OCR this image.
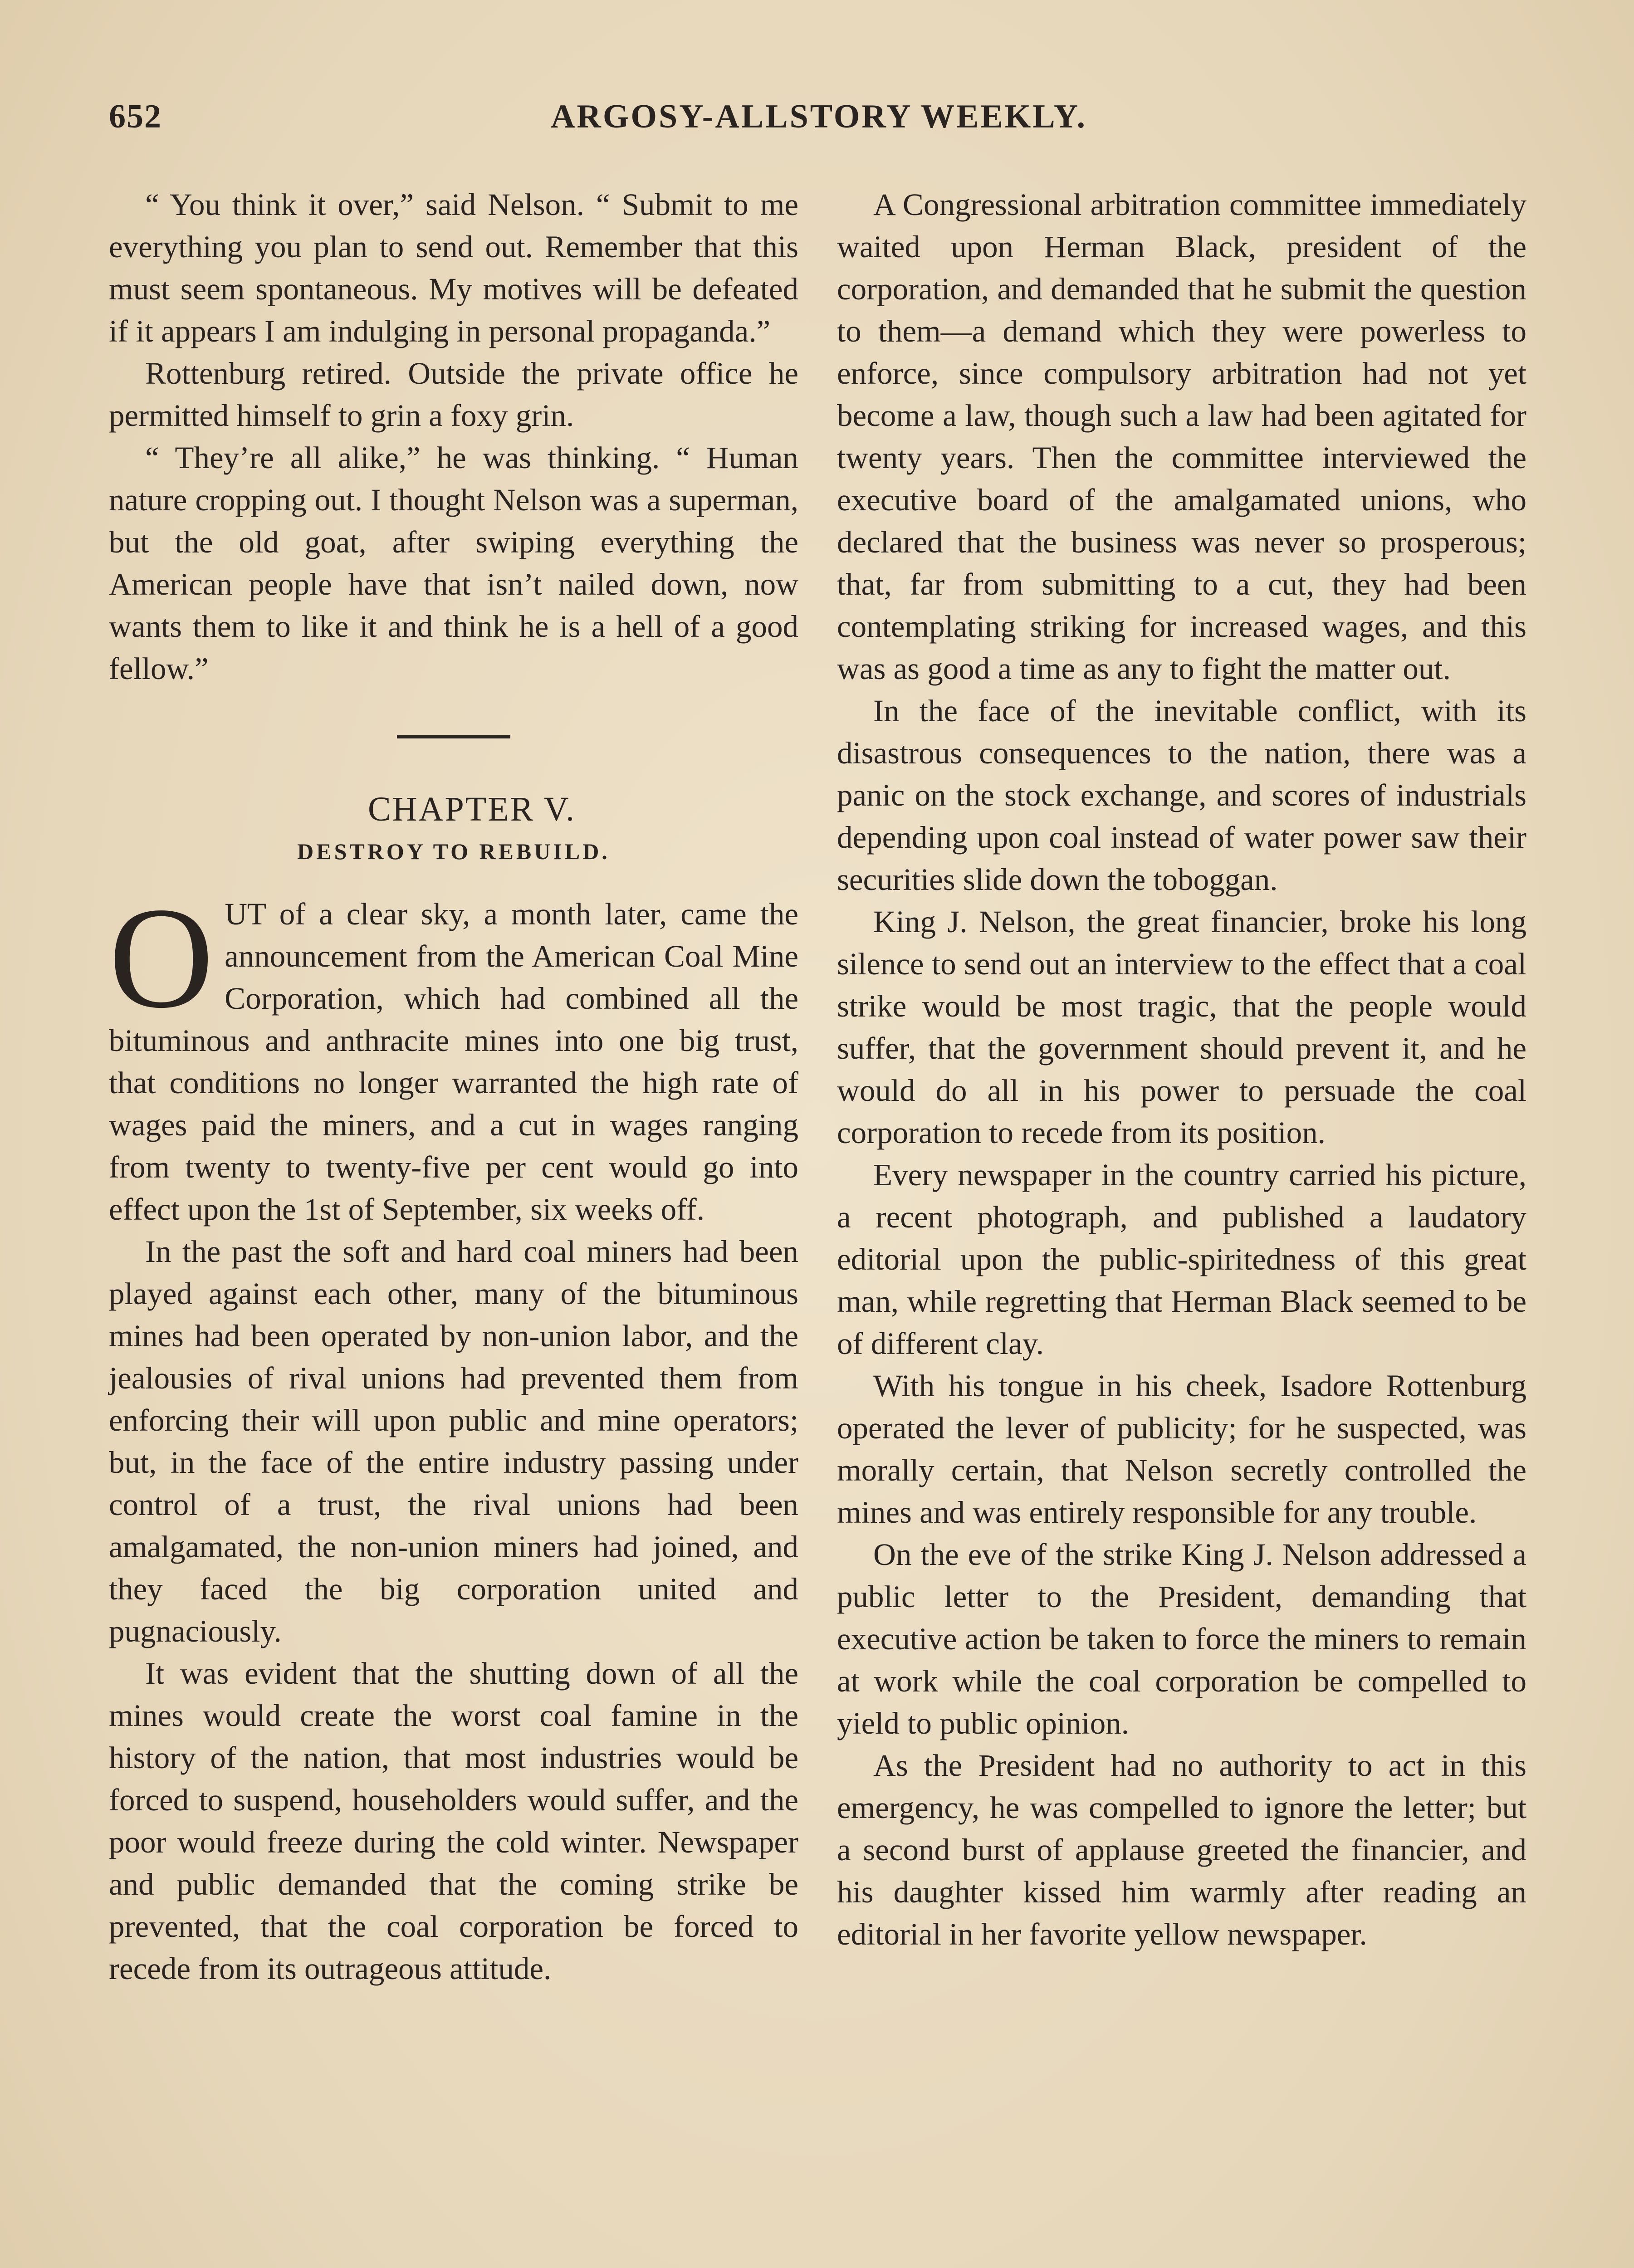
652	ARGOSY-ALLSTORY WEEKLY.

“ You think it over,” said Nelson. “ Submit to me everything you plan to send out. Remember that this must seem spontaneous. My motives will be defeated if it appears I am indulging in personal propaganda.”

Rottenburg retired. Outside the private office he permitted himself to grin a foxy grin.

“ They’re all alike,” he was thinking. “ Human nature cropping out. I thought Nelson was a superman, but the old goat, after swiping everything the American people have that isn’t nailed down, now wants them to like it and think he is a hell of a good fellow.”

CHAPTER V.

DESTROY TO REBUILD.

OUT of a clear sky, a month later, came the announcement from the American Coal Mine Corporation, which had combined all the bituminous and anthracite mines into one big trust, that conditions no longer warranted the high rate of wages paid the miners, and a cut in wages ranging from twenty to twenty-five per cent would go into effect upon the 1st of September, six weeks off.

In the past the soft and hard coal miners had been played against each other, many of the bituminous mines had been operated by non-union labor, and the jealousies of rival unions had prevented them from enforcing their will upon public and mine operators; but, in the face of the entire industry passing under control of a trust, the rival unions had been amalgamated, the non-union miners had joined, and they faced the big corporation united and pugnaciously.

It was evident that the shutting down of all the mines would create the worst coal famine in the history of the nation, that most industries would be forced to suspend, householders would suffer, and the poor would freeze during the cold winter. Newspaper and public demanded that the coming strike be prevented, that the coal corporation be forced to recede from its outrageous attitude.

A Congressional arbitration committee immediately waited upon Herman Black, president of the corporation, and demanded that he submit the question to them—a demand which they were powerless to enforce, since compulsory arbitration had not yet become a law, though such a law had been agitated for twenty years. Then the committee interviewed the executive board of the amalgamated unions, who declared that the business was never so prosperous; that, far from submitting to a cut, they had been contemplating striking for increased wages, and this was as good a time as any to fight the matter out.

In the face of the inevitable conflict, with its disastrous consequences to the nation, there was a panic on the stock exchange, and scores of industrials depending upon coal instead of water power saw their securities slide down the toboggan.

King J. Nelson, the great financier, broke his long silence to send out an interview to the effect that a coal strike would be most tragic, that the people would suffer, that the government should prevent it, and he would do all in his power to persuade the coal corporation to recede from its position.

Every newspaper in the country carried his picture, a recent photograph, and published a laudatory editorial upon the public-spiritedness of this great man, while regretting that Herman Black seemed to be of different clay.

With his tongue in his cheek, Isadore Rottenburg operated the lever of publicity; for he suspected, was morally certain, that Nelson secretly controlled the mines and was entirely responsible for any trouble.

On the eve of the strike King J. Nelson addressed a public letter to the President, demanding that executive action be taken to force the miners to remain at work while the coal corporation be compelled to yield to public opinion.

As the President had no authority to act in this emergency, he was compelled to ignore the letter; but a second burst of applause greeted the financier, and his daughter kissed him warmly after reading an editorial in her favorite yellow newspaper.
